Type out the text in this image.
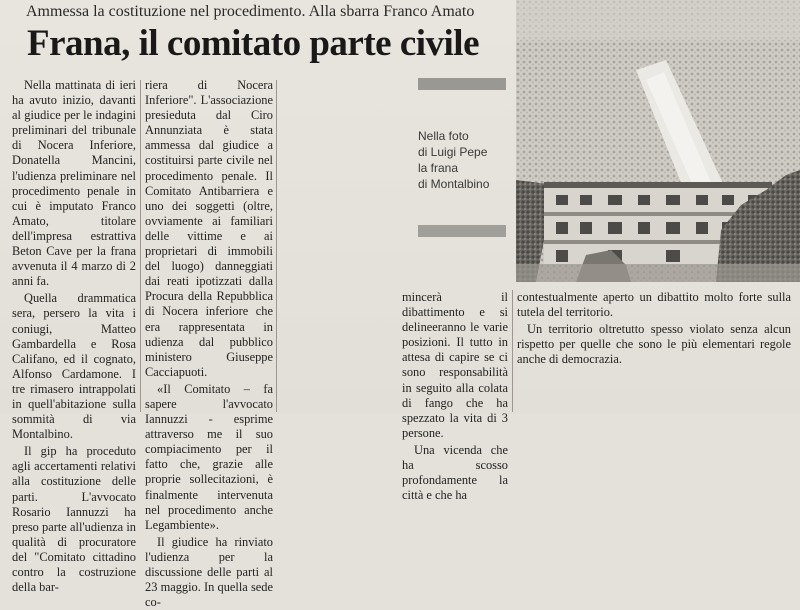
Ammessa la costituzione nel procedimento. Alla sbarra Franco Amato
Frana, il comitato parte civile

Nella mattinata di ieri ha avuto inizio, davanti al giudice per le indagini preliminari del tribunale di Nocera Inferiore, Donatella Mancini, l'udienza preliminare nel procedimento penale in cui è imputato Franco Amato, titolare dell'impresa estrattiva Beton Cave per la frana avvenuta il 4 marzo di 2 anni fa.

Quella drammatica sera, persero la vita i coniugi, Matteo Gambardella e Rosa Califano, ed il cognato, Alfonso Cardamone. I tre rimasero intrappolati in quell'abitazione sulla sommità di via Montalbino.

Il gip ha proceduto agli accertamenti relativi alla costituzione delle parti. L'avvocato Rosario Iannuzzi ha preso parte all'udienza in qualità di procuratore del "Comitato cittadino contro la costruzione della bar-

riera di Nocera Inferiore". L'associazione presieduta dal Ciro Annunziata è stata ammessa dal giudice a costituirsi parte civile nel procedimento penale. Il Comitato Antibarriera e uno dei soggetti (oltre, ovviamente ai familiari delle vittime e ai proprietari di immobili del luogo) danneggiati dai reati ipotizzati dalla Procura della Repubblica di Nocera inferiore che era rappresentata in udienza dal pubblico ministero Giuseppe Cacciapuoti.

«Il Comitato – fa sapere l'avvocato Iannuzzi - esprime attraverso me il suo compiacimento per il fatto che, grazie alle proprie sollecitazioni, è finalmente intervenuta nel procedimento anche Legambiente».

Il giudice ha rinviato l'udienza per la discussione delle parti al 23 maggio. In quella sede co-

Nella foto
di Luigi Pepe
la frana
di Montalbino

mincerà il dibattimento e si delineeranno le varie posizioni. Il tutto in attesa di capire se ci sono responsabilità in seguito alla colata di fango che ha spezzato la vita di 3 persone.

Una vicenda che ha scosso profondamente la città e che ha

contestualmente aperto un dibattito molto forte sulla tutela del territorio.

Un territorio oltretutto spesso violato senza alcun rispetto per quelle che sono le più elementari regole anche di democrazia.
